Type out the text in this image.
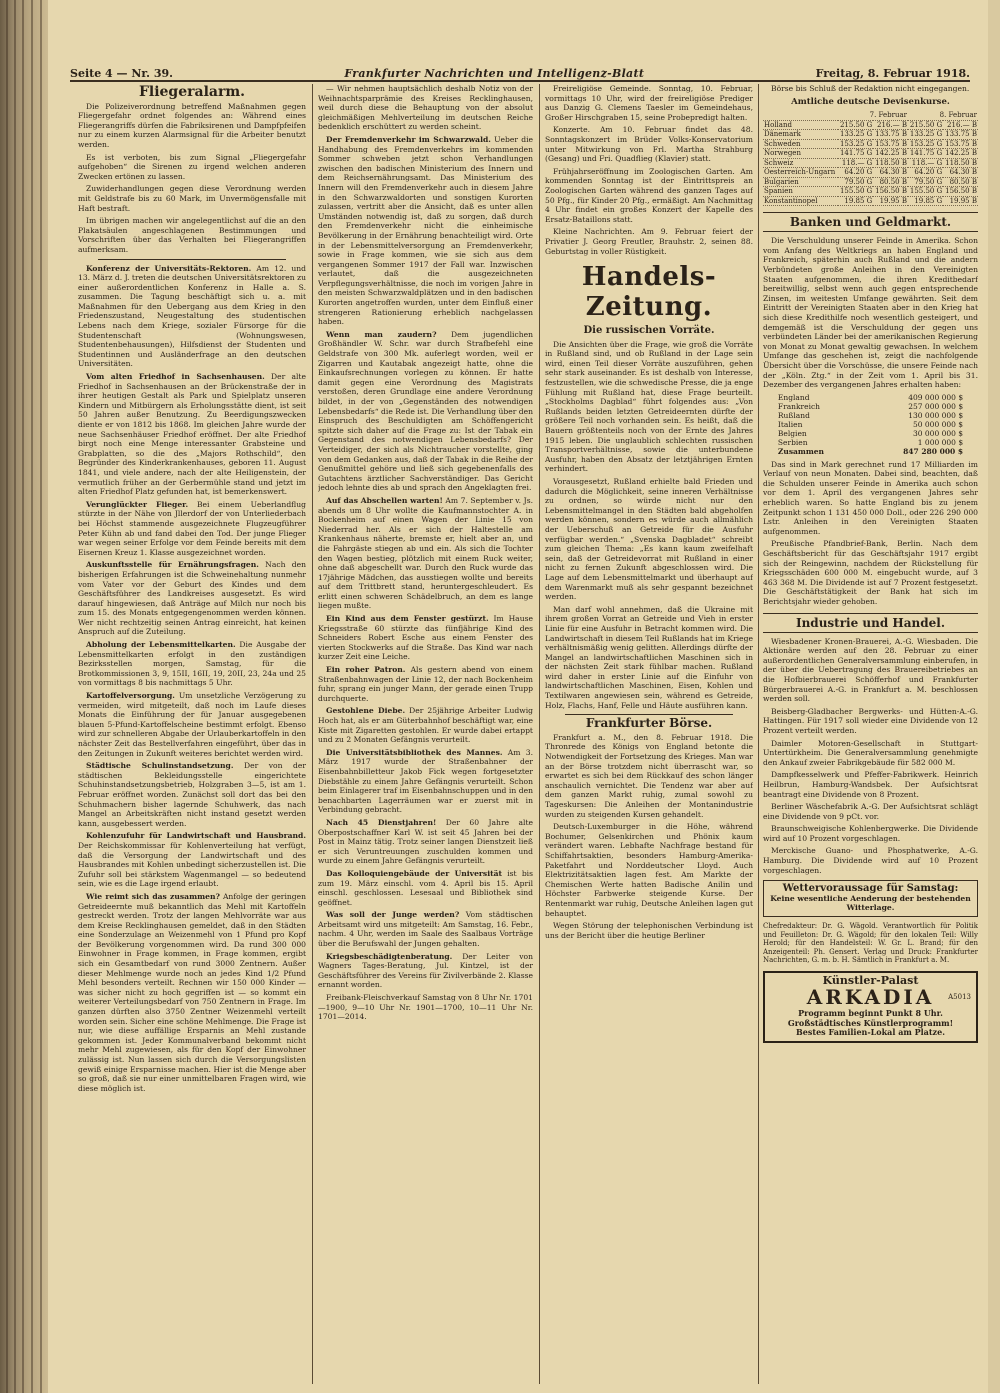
Seite 4 — Nr. 39.	Frankfurter Nachrichten und Intelligenz-Blatt	Freitag, 8. Februar 1918.
Fliegeralarm.

Die Polizeiverordnung betreffend Maßnahmen gegen Fliegergefahr ordnet folgendes an: Während eines Fliegerangriffs dürfen die Fabriksirenen und Dampfpfeifen nur zu einem kurzen Alarmsignal für die Arbeiter benutzt werden.

Es ist verboten, bis zum Signal „Fliegergefahr aufgehoben“ die Sirenen zu irgend welchen anderen Zwecken ertönen zu lassen.

Zuwiderhandlungen gegen diese Verordnung werden mit Geldstrafe bis zu 60 Mark, im Unvermögensfalle mit Haft bestraft.

Im übrigen machen wir angelegentlichst auf die an den Plakatsäulen angeschlagenen Bestimmungen und Vorschriften über das Verhalten bei Fliegerangriffen aufmerksam.

Konferenz der Universitäts-Rektoren. Am 12. und 13. März d. J. treten die deutschen Universitätsrektoren zu einer außerordentlichen Konferenz in Halle a. S. zusammen. Die Tagung beschäftigt sich u. a. mit Maßnahmen für den Uebergang aus dem Krieg in den Friedenszustand, Neugestaltung des studentischen Lebens nach dem Kriege, sozialer Fürsorge für die Studentenschaft (Wohnungswesen, Studentenbehausungen), Hilfsdienst der Studenten und Studentinnen und Ausländerfrage an den deutschen Universitäten.

Vom alten Friedhof in Sachsenhausen. Der alte Friedhof in Sachsenhausen an der Brückenstraße der in ihrer heutigen Gestalt als Park und Spielplatz unseren Kindern und Mitbürgern als Erholungsstätte dient, ist seit 50 Jahren außer Benutzung. Zu Beerdigungszwecken diente er von 1812 bis 1868. Im gleichen Jahre wurde der neue Sachsenhäuser Friedhof eröffnet. Der alte Friedhof birgt noch eine Menge interessanter Grabsteine und Grabplatten, so die des „Majors Rothschild“, den Begründer des Kinderkrankenhauses, geboren 11. August 1841, und viele andere, nach der alte Heiligenstein, der vermutlich früher an der Gerbermühle stand und jetzt im alten Friedhof Platz gefunden hat, ist bemerkenswert.

Verunglückter Flieger. Bei einem Ueberlandflug stürzte in der Nähe von Jllerdorf der von Unterliederbach bei Höchst stammende ausgezeichnete Flugzeugführer Peter Kühn ab und fand dabei den Tod. Der junge Flieger war wegen seiner Erfolge vor dem Feinde bereits mit dem Eisernen Kreuz 1. Klasse ausgezeichnet worden.

Auskunftsstelle für Ernährungsfragen. Nach den bisherigen Erfahrungen ist die Schweinehaltung nunmehr vom Vater vor der Geburt des Kindes und dem Geschäftsführer des Landkreises ausgesetzt. Es wird darauf hingewiesen, daß Anträge auf Milch nur noch bis zum 15. des Monats entgegengenommen werden können. Wer nicht rechtzeitig seinen Antrag einreicht, hat keinen Anspruch auf die Zuteilung.

Abholung der Lebensmittelkarten. Die Ausgabe der Lebensmittelkarten erfolgt in den zuständigen Bezirksstellen morgen, Samstag, für die Brotkommissionen 3, 9, 15II, 16II, 19, 20II, 23, 24a und 25 von vormittags 8 bis nachmittags 5 Uhr.

Kartoffelversorgung. Um unsetzliche Verzögerung zu vermeiden, wird mitgeteilt, daß noch im Laufe dieses Monats die Einführung der für Januar ausgegebenen blauen 5-Pfund-Kartoffelscheine bestimmt erfolgt. Ebenso wird zur schnelleren Abgabe der Urlauberkartoffeln in den nächster Zeit das Bestellverfahren eingeführt, über das in den Zeitungen in Zukunft weiteres berichtet werden wird.

Städtische Schulinstandsetzung. Der von der städtischen Bekleidungsstelle eingerichtete Schuhinstandsetzungsbetrieb, Holzgraben 3—5, ist am 1. Februar eröffnet worden. Zunächst soll dort das bei den Schuhmachern bisher lagernde Schuhwerk, das nach Mangel an Arbeitskräften nicht instand gesetzt werden kann, ausgebessert werden.

Kohlenzufuhr für Landwirtschaft und Hausbrand. Der Reichskommissar für Kohlenverteilung hat verfügt, daß die Versorgung der Landwirtschaft und des Hausbrandes mit Kohlen unbedingt sicherzustellen ist. Die Zufuhr soll bei stärkstem Wagenmangel — so bedeutend sein, wie es die Lage irgend erlaubt.

Wie reimt sich das zusammen? Anfolge der geringen Getreideernte muß bekanntlich das Mehl mit Kartoffeln gestreckt werden. Trotz der langen Mehlvorräte war aus dem Kreise Recklinghausen gemeldet, daß in den Städten eine Sonderzulage an Weizenmehl von 1 Pfund pro Kopf der Bevölkerung vorgenommen wird. Da rund 300 000 Einwohner in Frage kommen, in Frage kommen, ergibt sich ein Gesamtbedarf von rund 3000 Zentnern. Außer dieser Mehlmenge wurde noch an jedes Kind 1/2 Pfund Mehl besonders verteilt. Rechnen wir 150 000 Kinder — was sicher nicht zu hoch gegriffen ist — so kommt ein weiterer Verteilungsbedarf von 750 Zentnern in Frage. Im ganzen dürften also 3750 Zentner Weizenmehl verteilt worden sein. Sicher eine schöne Mehlmenge. Die Frage ist nur, wie diese auffällige Ersparnis an Mehl zustande gekommen ist. Jeder Kommunalverband bekommt nicht mehr Mehl zugewiesen, als für den Kopf der Einwohner zulässig ist. Nun lassen sich durch die Versorgungslisten gewiß einige Ersparnisse machen. Hier ist die Menge aber so groß, daß sie nur einer unmittelbaren Fragen wird, wie diese möglich ist.

— Wir nehmen hauptsächlich deshalb Notiz von der Weihnachtsparprämie des Kreises Recklinghausen, weil durch diese die Behauptung von der absolut gleichmäßigen Mehlverteilung im deutschen Reiche bedenklich erschüttert zu werden scheint.

Der Fremdenverkehr im Schwarzwald. Ueber die Handhabung des Fremdenverkehrs im kommenden Sommer schweben jetzt schon Verhandlungen zwischen den badischen Ministerium des Innern und dem Reichsernährungsamt. Das Ministerium des Innern will den Fremdenverkehr auch in diesem Jahre in den Schwarzwaldorten und sonstigen Kurorten zulassen, vertritt aber die Ansicht, daß es unter allen Umständen notwendig ist, daß zu sorgen, daß durch den Fremdenverkehr nicht die einheimische Bevölkerung in der Ernährung benachteiligt wird. Orte in der Lebensmittelversorgung an Fremdenverkehr, sowie in Frage kommen, wie sie sich aus dem vergangenen Sommer 1917 der Fall war. Inzwischen verlautet, daß die ausgezeichneten Verpflegungsverhältnisse, die noch im vorigen Jahre in den meisten Schwarzwaldplätzen und in den badischen Kurorten angetroffen wurden, unter dem Einfluß einer strengeren Rationierung erheblich nachgelassen haben.

Wenn man zaudern? Dem jugendlichen Großhändler W. Schr. war durch Strafbefehl eine Geldstrafe von 300 Mk. auferlegt worden, weil er Zigarren und Kautabak angezeigt hatte, ohne die Einkaufsrechnungen vorlegen zu können. Er hatte damit gegen eine Verordnung des Magistrats verstoßen, deren Grundlage eine andere Verordnung bildet, in der von „Gegenständen des notwendigen Lebensbedarfs“ die Rede ist. Die Verhandlung über den Einspruch des Beschuldigten am Schöffengericht spitzte sich daher auf die Frage zu: Ist der Tabak ein Gegenstand des notwendigen Lebensbedarfs? Der Verteidiger, der sich als Nichtraucher vorstellte, ging von dem Gedanken aus, daß der Tabak in die Reihe der Genußmittel gehöre und ließ sich gegebenenfalls des Gutachtens ärztlicher Sachverständiger. Das Gericht jedoch lehnte dies ab und sprach den Angeklagten frei.

Auf das Abschellen warten! Am 7. September v. Js. abends um 8 Uhr wollte die Kaufmannstochter A. in Bockenheim auf einen Wagen der Linie 15 von Niederrad her. Als er sich der Haltestelle am Krankenhaus näherte, bremste er, hielt aber an, und die Fahrgäste stiegen ab und ein. Als sich die Tochter den Wagen bestieg, plötzlich mit einem Ruck weiter, ohne daß abgeschellt war. Durch den Ruck wurde das 17jährige Mädchen, das ausstiegen wollte und bereits auf dem Trittbrett stand, heruntergeschleudert. Es erlitt einen schweren Schädelbruch, an dem es lange liegen mußte.

Ein Kind aus dem Fenster gestürzt. Im Hause Kriegsstraße 60 stürzte das fünfjährige Kind des Schneiders Robert Esche aus einem Fenster des vierten Stockwerks auf die Straße. Das Kind war nach kurzer Zeit eine Leiche.

Ein roher Patron. Als gestern abend von einem Straßenbahnwagen der Linie 12, der nach Bockenheim fuhr, sprang ein junger Mann, der gerade einen Trupp durchquerte.

Gestohlene Diebe. Der 25jährige Arbeiter Ludwig Hoch hat, als er am Güterbahnhof beschäftigt war, eine Kiste mit Zigaretten gestohlen. Er wurde dabei ertappt und zu 2 Monaten Gefängnis verurteilt.

Die Universitätsbibliothek des Mannes. Am 3. März 1917 wurde der Straßenbahner der Eisenbahnbilletteur Jakob Fick wegen fortgesetzter Diebstähle zu einem Jahre Gefängnis verurteilt. Schon beim Einlagerer traf im Eisenbahnschuppen und in den benachbarten Lagerräumen war er zuerst mit in Verbindung gebracht.

Nach 45 Dienstjahren! Der 60 Jahre alte Oberpostschaffner Karl W. ist seit 45 Jahren bei der Post in Mainz tätig. Trotz seiner langen Dienstzeit ließ er sich Veruntreuungen zuschulden kommen und wurde zu einem Jahre Gefängnis verurteilt.

Das Kolloquiengebäude der Universität ist bis zum 19. März einschl. vom 4. April bis 15. April einschl. geschlossen. Lesesaal und Bibliothek sind geöffnet.

Was soll der Junge werden? Vom städtischen Arbeitsamt wird uns mitgeteilt: Am Samstag, 16. Febr., nachm. 4 Uhr, werden im Saale des Saalbaus Vorträge über die Berufswahl der Jungen gehalten.

Kriegsbeschädigtenberatung. Der Leiter von Wagners Tages-Beratung, Jul. Kintzel, ist der Geschäftsführer des Vereins für Zivilverbände 2. Klasse ernannt worden.

Freibank-Fleischverkauf Samstag von 8 Uhr Nr. 1701—1900, 9—10 Uhr Nr. 1901—1700, 10—11 Uhr Nr. 1701—2014.

Freireligiöse Gemeinde. Sonntag, 10. Februar, vormittags 10 Uhr, wird der freireligiöse Prediger aus Danzig G. Clemens Taesler im Gemeindehaus, Großer Hirschgraben 15, seine Probepredigt halten.

Konzerte. Am 10. Februar findet das 48. Sonntagskonzert im Brüder Volks-Konservatorium unter Mitwirkung von Frl. Martha Strahburg (Gesang) und Fri. Quadflieg (Klavier) statt.

Frühjahrseröffnung im Zoologischen Garten. Am kommenden Sonntag ist der Eintrittspreis an Zoologischen Garten während des ganzen Tages auf 50 Pfg., für Kinder 20 Pfg., ermäßigt. Am Nachmittag 4 Uhr findet ein großes Konzert der Kapelle des Ersatz-Bataillons statt.

Kleine Nachrichten. Am 9. Februar feiert der Privatier J. Georg Freutler, Brauhstr. 2, seinen 88. Geburtstag in voller Rüstigkeit.

Handels-Zeitung.
Die russischen Vorräte.

Die Ansichten über die Frage, wie groß die Vorräte in Rußland sind, und ob Rußland in der Lage sein wird, einen Teil dieser Vorräte auszuführen, gehen sehr stark auseinander. Es ist deshalb von Interesse, festzustellen, wie die schwedische Presse, die ja enge Fühlung mit Rußland hat, diese Frage beurteilt. „Stockholms Dagblad“ führt folgendes aus: „Von Rußlands beiden letzten Getreideernten dürfte der größere Teil noch vorhanden sein. Es heißt, daß die Bauern größtenteils noch von der Ernte des Jahres 1915 leben. Die unglaublich schlechten russischen Transportverhältnisse, sowie die unterbundene Ausfuhr, haben den Absatz der letztjährigen Ernten verhindert.

Vorausgesetzt, Rußland erhielte bald Frieden und dadurch die Möglichkeit, seine inneren Verhältnisse zu ordnen, so würde nicht nur den Lebensmittelmangel in den Städten bald abgeholfen werden können, sondern es würde auch allmählich der Ueberschuß an Getreide für die Ausfuhr verfügbar werden.“ „Svenska Dagbladet“ schreibt zum gleichen Thema: „Es kann kaum zweifelhaft sein, daß der Getreidevorrat mit Rußland in einer nicht zu fernen Zukunft abgeschlossen wird. Die Lage auf dem Lebensmittelmarkt und überhaupt auf dem Warenmarkt muß als sehr gespannt bezeichnet werden.

Man darf wohl annehmen, daß die Ukraine mit ihrem großen Vorrat an Getreide und Vieh in erster Linie für eine Ausfuhr in Betracht kommen wird. Die Landwirtschaft in diesem Teil Rußlands hat im Kriege verhältnismäßig wenig gelitten. Allerdings dürfte der Mangel an landwirtschaftlichen Maschinen sich in der nächsten Zeit stark fühlbar machen. Rußland wird daher in erster Linie auf die Einfuhr von landwirtschaftlichen Maschinen, Eisen, Kohlen und Textilwaren angewiesen sein, während es Getreide, Holz, Flachs, Hanf, Felle und Häute ausführen kann.

Frankfurter Börse.

Frankfurt a. M., den 8. Februar 1918. Die Thronrede des Königs von England betonte die Notwendigkeit der Fortsetzung des Krieges. Man war an der Börse trotzdem nicht überrascht war, so erwartet es sich bei dem Rückkauf des schon länger anschaulich vernichtet. Die Tendenz war aber auf dem ganzen Markt ruhig, zumal sowohl zu Tageskursen: Die Anleihen der Montanindustrie wurden zu steigenden Kursen gehandelt.

Deutsch-Luxemburger in die Höhe, während Bochumer, Gelsenkirchen und Phönix kaum verändert waren. Lebhafte Nachfrage bestand für Schiffahrtsaktien, besonders Hamburg-Amerika-Paketfahrt und Norddeutscher Lloyd. Auch Elektrizitätsaktien lagen fest. Am Markte der Chemischen Werte hatten Badische Anilin und Höchster Farbwerke steigende Kurse. Der Rentenmarkt war ruhig, Deutsche Anleihen lagen gut behauptet.

Wegen Störung der telephonischen Verbindung ist uns der Bericht über die heutige Berliner

Börse bis Schluß der Redaktion nicht eingegangen.

Amtliche deutsche Devisenkurse.
	7. Februar		8. Februar	
Holland	215.50 G	216.— B	215.50 G	216.— B
Dänemark	133.25 G	133.75 B	133.25 G	133.75 B
Schweden	153.25 G	153.75 B	153.25 G	153.75 B
Norwegen	141.75 G	142.25 B	141.75 G	142.25 B
Schweiz	118.— G	118.50 B	118.— G	118.50 B
Oesterreich-Ungarn	64.20 G	64.30 B	64.20 G	64.30 B
Bulgarien	79.50 G	80.50 B	79.50 G	80.50 B
Spanien	155.50 G	156.50 B	155.50 G	156.50 B
Konstantinopel	19.85 G	19.95 B	19.85 G	19.95 B
Banken und Geldmarkt.

Die Verschuldung unserer Feinde in Amerika. Schon vom Anfang des Weltkriegs an haben England und Frankreich, späterhin auch Rußland und die andern Verbündeten große Anleihen in den Vereinigten Staaten aufgenommen, die ihren Kreditbedarf bereitwillig, selbst wenn auch gegen entsprechende Zinsen, im weitesten Umfange gewährten. Seit dem Eintritt der Vereinigten Staaten aber in den Krieg hat sich diese Kredithilfe noch wesentlich gesteigert, und demgemäß ist die Verschuldung der gegen uns verbündeten Länder bei der amerikanischen Regierung von Monat zu Monat gewaltig gewachsen. In welchem Umfange das geschehen ist, zeigt die nachfolgende Übersicht über die Vorschüsse, die unsere Feinde nach der „Köln. Ztg.“ in der Zeit vom 1. April bis 31. Dezember des vergangenen Jahres erhalten haben:

England	409 000 000 $
Frankreich	257 000 000 $
Rußland	130 000 000 $
Italien	50 000 000 $
Belgien	30 000 000 $
Serbien	1 000 000 $
Zusammen	847 280 000 $

Das sind in Mark gerechnet rund 17 Milliarden im Verlauf von neun Monaten. Dabei sind, beachten, daß die Schulden unserer Feinde in Amerika auch schon vor dem 1. April des vergangenen Jahres sehr erheblich waren. So hatte England bis zu jenem Zeitpunkt schon 1 131 450 000 Doll., oder 226 290 000 Lstr. Anleihen in den Vereinigten Staaten aufgenommen.

Preußische Pfandbrief-Bank, Berlin. Nach dem Geschäftsbericht für das Geschäftsjahr 1917 ergibt sich der Reingewinn, nachdem der Rückstellung für Kriegsschäden 600 000 M. eingebucht wurde, auf 3 463 368 M. Die Dividende ist auf 7 Prozent festgesetzt. Die Geschäftstätigkeit der Bank hat sich im Berichtsjahr wieder gehoben.

Industrie und Handel.

Wiesbadener Kronen-Brauerei, A.-G. Wiesbaden. Die Aktionäre werden auf den 28. Februar zu einer außerordentlichen Generalversammlung einberufen, in der über die Uebertragung des Brauereibetriebes an die Hofbierbrauerei Schöfferhof und Frankfurter Bürgerbrauerei A.-G. in Frankfurt a. M. beschlossen werden soll.

Beisberg-Gladbacher Bergwerks- und Hütten-A.-G. Hattingen. Für 1917 soll wieder eine Dividende von 12 Prozent verteilt werden.

Daimler Motoren-Gesellschaft in Stuttgart-Untertürkheim. Die Generalversammlung genehmigte den Ankauf zweier Fabrikgebäude für 582 000 M.

Dampfkesselwerk und Pfeffer-Fabrikwerk. Heinrich Heilbrun, Hamburg-Wandsbek. Der Aufsichtsrat beantragt eine Dividende von 8 Prozent.

Berliner Wäschefabrik A.-G. Der Aufsichtsrat schlägt eine Dividende von 9 pCt. vor.

Braunschweigische Kohlenbergwerke. Die Dividende wird auf 10 Prozent vorgeschlagen.

Merckische Guano- und Phosphatwerke, A.-G. Hamburg. Die Dividende wird auf 10 Prozent vorgeschlagen.

Wettervoraussage für Samstag:
Keine wesentliche Aenderung der bestehenden Witterlage.
Chefredakteur: Dr. G. Wägold. Verantwortlich für Politik und Feuilleton: Dr. G. Wägold; für den lokalen Teil: Willy Herold; für den Handelsteil: W. Gr. L. Brand; für den Anzeigenteil: Ph. Gensert. Verlag und Druck: Frankfurter Nachrichten, G. m. b. H. Sämtlich in Frankfurt a. M.
Künstler-Palast
ARKADIA A5013
Programm beginnt Punkt 8 Uhr.
Großstädtisches Künstlerprogramm!
Bestes Familien-Lokal am Platze.
